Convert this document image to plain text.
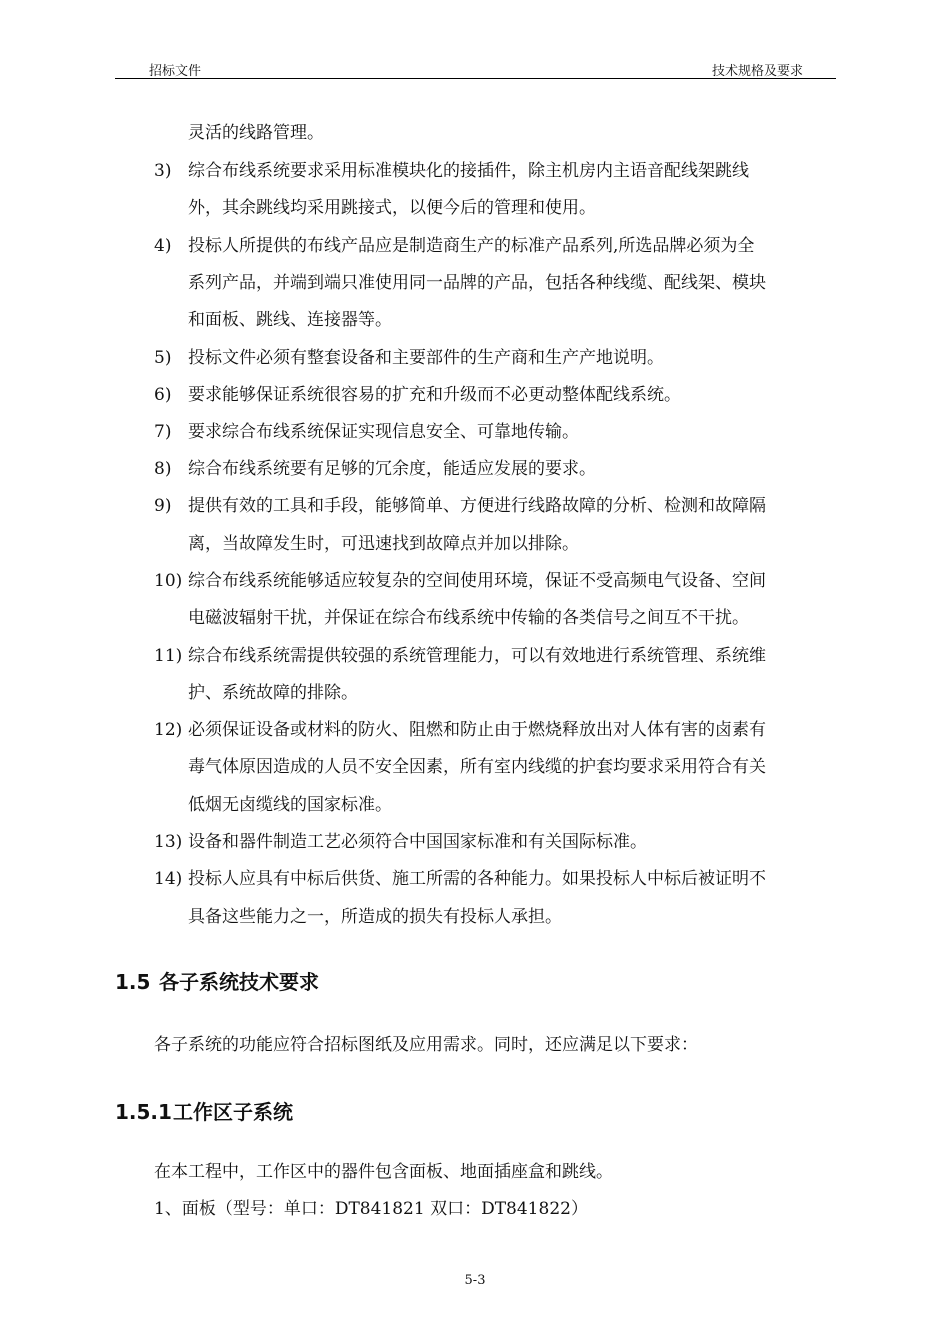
招标文件	技术规格及要求
灵活的线路管理。
3) 综合布线系统要求采用标准模块化的接插件，除主机房内主语音配线架跳线
外，其余跳线均采用跳接式，以便今后的管理和使用。
4) 投标人所提供的布线产品应是制造商生产的标准产品系列,所选品牌必须为全
系列产品，并端到端只准使用同一品牌的产品，包括各种线缆、配线架、模块
和面板、跳线、连接器等。
5) 投标文件必须有整套设备和主要部件的生产商和生产产地说明。
6) 要求能够保证系统很容易的扩充和升级而不必更动整体配线系统。
7) 要求综合布线系统保证实现信息安全、可靠地传输。
8) 综合布线系统要有足够的冗余度，能适应发展的要求。
9) 提供有效的工具和手段，能够简单、方便进行线路故障的分析、检测和故障隔
离，当故障发生时，可迅速找到故障点并加以排除。
10) 综合布线系统能够适应较复杂的空间使用环境，保证不受高频电气设备、空间
电磁波辐射干扰，并保证在综合布线系统中传输的各类信号之间互不干扰。
11) 综合布线系统需提供较强的系统管理能力，可以有效地进行系统管理、系统维
护、系统故障的排除。
12) 必须保证设备或材料的防火、阻燃和防止由于燃烧释放出对人体有害的卤素有
毒气体原因造成的人员不安全因素，所有室内线缆的护套均要求采用符合有关
低烟无卤缆线的国家标准。
13) 设备和器件制造工艺必须符合中国国家标准和有关国际标准。
14) 投标人应具有中标后供货、施工所需的各种能力。如果投标人中标后被证明不
具备这些能力之一，所造成的损失有投标人承担。
1.5 各子系统技术要求
各子系统的功能应符合招标图纸及应用需求。同时，还应满足以下要求：
1.5.1工作区子系统
在本工程中，工作区中的器件包含面板、地面插座盒和跳线。
1、面板（型号：单口：DT841821 双口：DT841822）
5-3
